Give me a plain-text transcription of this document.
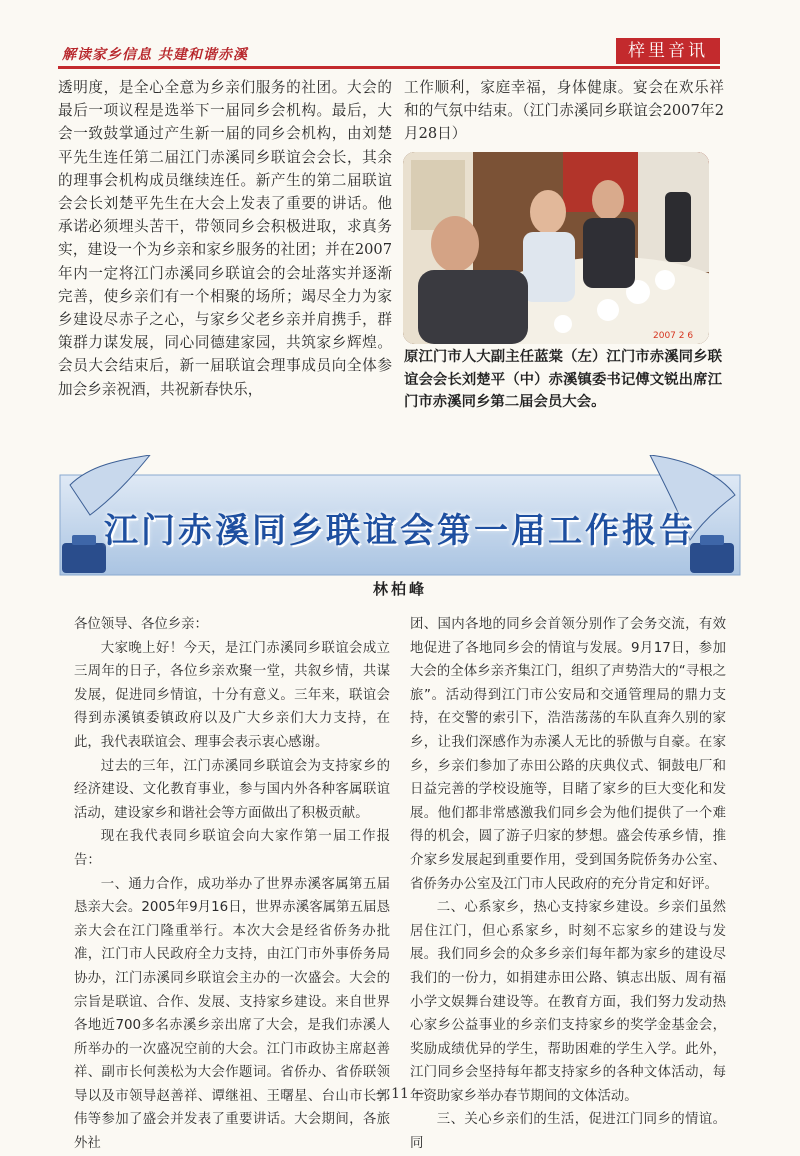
解读家乡信息 共建和谐赤溪	梓里音讯
透明度，是全心全意为乡亲们服务的社团。大会的最后一项议程是选举下一届同乡会机构。最后，大会一致鼓掌通过产生新一届的同乡会机构，由刘楚平先生连任第二届江门赤溪同乡联谊会会长，其余的理事会机构成员继续连任。新产生的第二届联谊会会长刘楚平先生在大会上发表了重要的讲话。他承诺必须埋头苦干，带领同乡会积极进取，求真务实，建设一个为乡亲和家乡服务的社团；并在2007年内一定将江门赤溪同乡联谊会的会址落实并逐渐完善，使乡亲们有一个相聚的场所；竭尽全力为家乡建设尽赤子之心，与家乡父老乡亲并肩携手，群策群力谋发展，同心同德建家园，共筑家乡辉煌。会员大会结束后，新一届联谊会理事成员向全体参加会乡亲祝酒，共祝新春快乐，
工作顺利，家庭幸福，身体健康。宴会在欢乐祥和的气氛中结束。（江门赤溪同乡联谊会2007年2月28日）
2007 2 6
原江门市人大副主任蓝棠（左）江门市赤溪同乡联谊会会长刘楚平（中）赤溪镇委书记傅文锐出席江门市赤溪同乡第二届会员大会。
江门赤溪同乡联谊会第一届工作报告
林柏峰

各位领导、各位乡亲：

大家晚上好！今天，是江门赤溪同乡联谊会成立三周年的日子，各位乡亲欢聚一堂，共叙乡情，共谋发展，促进同乡情谊，十分有意义。三年来，联谊会得到赤溪镇委镇政府以及广大乡亲们大力支持，在此，我代表联谊会、理事会表示衷心感谢。

过去的三年，江门赤溪同乡联谊会为支持家乡的经济建设、文化教育事业，参与国内外各种客属联谊活动，建设家乡和谐社会等方面做出了积极贡献。

现在我代表同乡联谊会向大家作第一届工作报告：

一、通力合作，成功举办了世界赤溪客属第五届恳亲大会。2005年9月16日，世界赤溪客属第五届恳亲大会在江门隆重举行。本次大会是经省侨务办批准，江门市人民政府全力支持，由江门市外事侨务局协办，江门赤溪同乡联谊会主办的一次盛会。大会的宗旨是联谊、合作、发展、支持家乡建设。来自世界各地近700多名赤溪乡亲出席了大会，是我们赤溪人所举办的一次盛况空前的大会。江门市政协主席赵善祥、副市长何羡松为大会作题词。省侨办、省侨联领导以及市领导赵善祥、谭继祖、王曙星、台山市长郭伟等参加了盛会并发表了重要讲话。大会期间，各旅外社

团、国内各地的同乡会首领分别作了会务交流，有效地促进了各地同乡会的情谊与发展。9月17日，参加大会的全体乡亲齐集江门，组织了声势浩大的“寻根之旅”。活动得到江门市公安局和交通管理局的鼎力支持，在交警的索引下，浩浩荡荡的车队直奔久别的家乡，让我们深感作为赤溪人无比的骄傲与自豪。在家乡，乡亲们参加了赤田公路的庆典仪式、铜鼓电厂和日益完善的学校设施等，目睹了家乡的巨大变化和发展。他们都非常感激我们同乡会为他们提供了一个难得的机会，圆了游子归家的梦想。盛会传承乡情，推介家乡发展起到重要作用，受到国务院侨务办公室、省侨务办公室及江门市人民政府的充分肯定和好评。

二、心系家乡，热心支持家乡建设。乡亲们虽然居住江门，但心系家乡，时刻不忘家乡的建设与发展。我们同乡会的众多乡亲们每年都为家乡的建设尽我们的一份力，如捐建赤田公路、镇志出版、周有福小学文娱舞台建设等。在教育方面，我们努力发动热心家乡公益事业的乡亲们支持家乡的奖学金基金会，奖励成绩优异的学生，帮助困难的学生入学。此外，江门同乡会坚持每年都支持家乡的各种文体活动，每年资助家乡举办春节期间的文体活动。

三、关心乡亲们的生活，促进江门同乡的情谊。同

~ 11 ~
